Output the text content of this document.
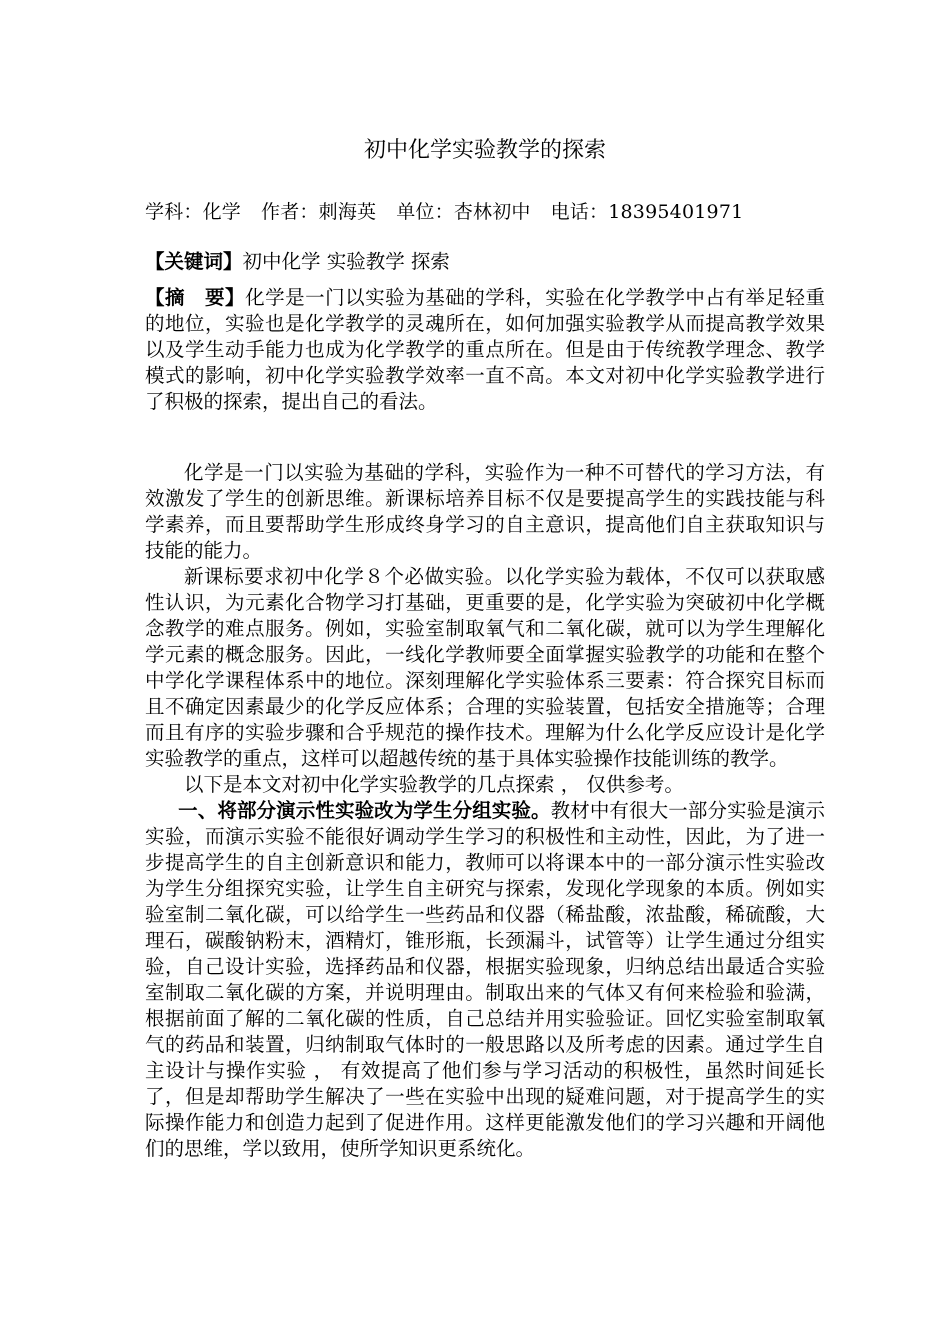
初中化学实验教学的探索
学科：化学 作者：刺海英 单位：杏林初中 电话：18395401971
【关键词】初中化学 实验教学 探索
【摘　要】化学是一门以实验为基础的学科，实验在化学教学中占有举足轻重的地位，实验也是化学教学的灵魂所在，如何加强实验教学从而提高教学效果以及学生动手能力也成为化学教学的重点所在。但是由于传统教学理念、教学模式的影响，初中化学实验教学效率一直不高。本文对初中化学实验教学进行了积极的探索，提出自己的看法。

化学是一门以实验为基础的学科，实验作为一种不可替代的学习方法，有效激发了学生的创新思维。新课标培养目标不仅是要提高学生的实践技能与科学素养，而且要帮助学生形成终身学习的自主意识，提高他们自主获取知识与技能的能力。

新课标要求初中化学８个必做实验。以化学实验为载体，不仅可以获取感性认识，为元素化合物学习打基础，更重要的是，化学实验为突破初中化学概念教学的难点服务。例如，实验室制取氧气和二氧化碳，就可以为学生理解化学元素的概念服务。因此，一线化学教师要全面掌握实验教学的功能和在整个中学化学课程体系中的地位。深刻理解化学实验体系三要素：符合探究目标而且不确定因素最少的化学反应体系；合理的实验装置，包括安全措施等；合理而且有序的实验步骤和合乎规范的操作技术。理解为什么化学反应设计是化学实验教学的重点，这样可以超越传统的基于具体实验操作技能训练的教学。

以下是本文对初中化学实验教学的几点探索 ， 仅供参考。

一、将部分演示性实验改为学生分组实验。教材中有很大一部分实验是演示实验，而演示实验不能很好调动学生学习的积极性和主动性，因此，为了进一步提高学生的自主创新意识和能力，教师可以将课本中的一部分演示性实验改为学生分组探究实验，让学生自主研究与探索，发现化学现象的本质。例如实验室制二氧化碳，可以给学生一些药品和仪器（稀盐酸，浓盐酸，稀硫酸，大理石，碳酸钠粉末，酒精灯，锥形瓶，长颈漏斗，试管等）让学生通过分组实验，自己设计实验，选择药品和仪器，根据实验现象，归纳总结出最适合实验室制取二氧化碳的方案，并说明理由。制取出来的气体又有何来检验和验满，根据前面了解的二氧化碳的性质，自己总结并用实验验证。回忆实验室制取氧气的药品和装置，归纳制取气体时的一般思路以及所考虑的因素。通过学生自主设计与操作实验 ， 有效提高了他们参与学习活动的积极性，虽然时间延长了，但是却帮助学生解决了一些在实验中出现的疑难问题，对于提高学生的实际操作能力和创造力起到了促进作用。这样更能激发他们的学习兴趣和开阔他们的思维，学以致用，使所学知识更系统化。
